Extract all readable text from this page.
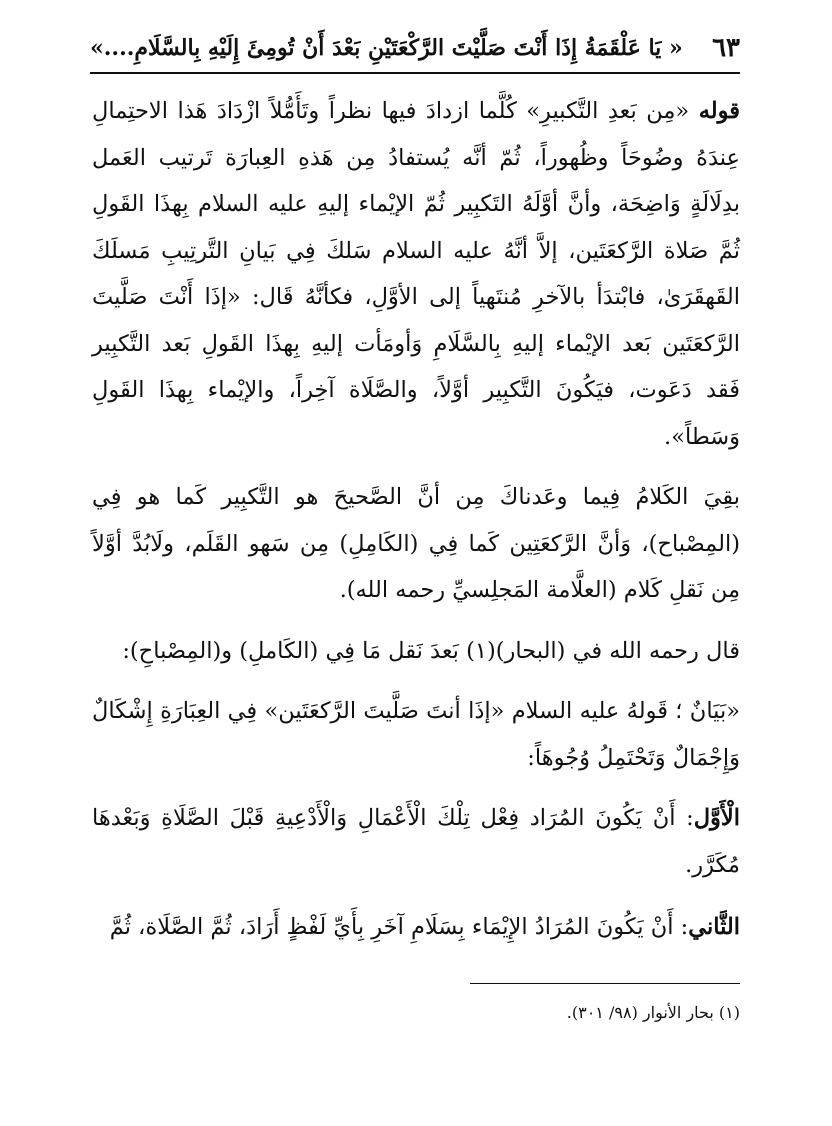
٦٣
« يَا عَلْقَمَةُ إِذَا أَنْتَ صَلَّيْتَ الرَّكْعَتَيْنِ بَعْدَ أَنْ تُومِئَ إِلَيْهِ بِالسَّلَامِ....»

قوله «مِن بَعدِ التَّكبيرِ» كُلَّما ازدادَ فيها نظراً وتَأَمُّلاً ازْدَادَ هَذا الاحتِمالِ عِندَهُ وضُوحَاً وظُهوراً، ثُمّ أنَّه يُستفادُ مِن هَذهِ العِبارَة تَرتيب العَمل بدِلَالَةٍ وَاضِحَة، وأنَّ أوَّلَهُ التَكبِير ثُمّ الإيْماء إليهِ عليه السلام بِهذَا القَولِ ثُمَّ صَلاة الرَّكعَتَين، إلاَّ أنَّهُ عليه السلام سَلكَ فِي بَيانِ التَّرتِيبِ مَسلَكَ القَهقَرَىٰ، فابْتدَأ بالآخرِ مُنتَهياً إلى الأوَّلِ، فكأنَّهُ قَال: «إذَا أَنْتَ صَلَّيتَ الرَّكعَتَين بَعد الإيْماء إليهِ بِالسَّلَامِ وَأومَأت إليهِ بِهذَا القَولِ بَعد التَّكبِير فَقد دَعَوت، فيَكُونَ التَّكبِير أوَّلاً، والصَّلَاة آخِراً، والإيْماء بِهذَا القَولِ وَسَطاً».

بقِيَ الكَلامُ فِيما وعَدناكَ مِن أنَّ الصَّحيحَ هو التَّكبِير كَما هو فِي (المِصْباح)، وَأنَّ الرَّكعَتِين كَما فِي (الكَامِلِ) مِن سَهو القَلَم، ولَابُدَّ أوَّلاً مِن نَقلِ كَلام (العلَّامة المَجلِسيِّ رحمه الله).

قال رحمه الله في (البحار)(١) بَعدَ نَقل مَا فِي (الكَاملِ) و(المِصْباحِ):

«بَيَانٌ ؛ قَولهُ عليه السلام «إذَا أنتَ صَلَّيتَ الرَّكعَتَين» فِي العِبَارَةِ إِشْكَالٌ وَإِجْمَالٌ وَتَحْتَمِلُ وُجُوهَاً:

الْأَوَّل: أَنْ يَكُونَ المُرَاد فِعْل تِلْكَ الْأَعْمَالِ وَالْأَدْعِيةِ قَبْلَ الصَّلَاةِ وَبَعْدهَا مُكَرَّر.

الثَّاني: أَنْ يَكُونَ المُرَادُ الإِيْمَاء بِسَلَامِ آخَرِ بِأَيِّ لَفْظٍ أَرَادَ، ثُمَّ الصَّلَاة، ثُمَّ

(١) بحار الأنوار (٩٨/ ٣٠١).
